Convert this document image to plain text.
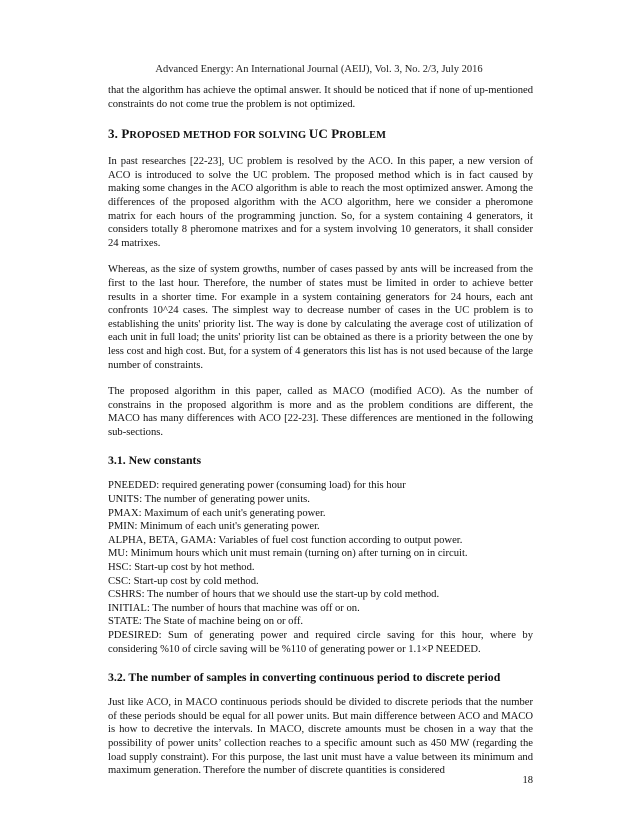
Advanced Energy: An International Journal (AEIJ), Vol. 3, No. 2/3, July 2016

that the algorithm has achieve the optimal answer. It should be noticed that if none of up-mentioned constraints do not come true the problem is not optimized.

3. PROPOSED METHOD FOR SOLVING UC PROBLEM

In past researches [22-23], UC problem is resolved by the ACO. In this paper, a new version of ACO is introduced to solve the UC problem. The proposed method which is in fact caused by making some changes in the ACO algorithm is able to reach the most optimized answer. Among the differences of the proposed algorithm with the ACO algorithm, here we consider a pheromone matrix for each hours of the programming junction. So, for a system containing 4 generators, it considers totally 8 pheromone matrixes and for a system involving 10 generators, it shall consider 24 matrixes.

Whereas, as the size of system growths, number of cases passed by ants will be increased from the first to the last hour. Therefore, the number of states must be limited in order to achieve better results in a shorter time. For example in a system containing generators for 24 hours, each ant confronts 10^24 cases. The simplest way to decrease number of cases in the UC problem is to establishing the units' priority list. The way is done by calculating the average cost of utilization of each unit in full load; the units' priority list can be obtained as there is a priority between the one by less cost and high cost. But, for a system of 4 generators this list has is not used because of the large number of constraints.

The proposed algorithm in this paper, called as MACO (modified ACO). As the number of constrains in the proposed algorithm is more and as the problem conditions are different, the MACO has many differences with ACO [22-23]. These differences are mentioned in the following sub-sections.

3.1. New constants
PNEEDED: required generating power (consuming load) for this hour
UNITS: The number of generating power units.
PMAX: Maximum of each unit's generating power.
PMIN: Minimum of each unit's generating power.
ALPHA, BETA, GAMA: Variables of fuel cost function according to output power.
MU: Minimum hours which unit must remain (turning on) after turning on in circuit.
HSC: Start-up cost by hot method.
CSC: Start-up cost by cold method.
CSHRS: The number of hours that we should use the start-up by cold method.
INITIAL: The number of hours that machine was off or on.
STATE: The State of machine being on or off.
PDESIRED: Sum of generating power and required circle saving for this hour, where by considering %10 of circle saving will be %110 of generating power or 1.1×P NEEDED.
3.2. The number of samples in converting continuous period to discrete period

Just like ACO, in MACO continuous periods should be divided to discrete periods that the number of these periods should be equal for all power units. But main difference between ACO and MACO is how to decretive the intervals. In MACO, discrete amounts must be chosen in a way that the possibility of power units’ collection reaches to a specific amount such as 450 MW (regarding the load supply constraint). For this purpose, the last unit must have a value between its minimum and maximum generation. Therefore the number of discrete quantities is considered

18
